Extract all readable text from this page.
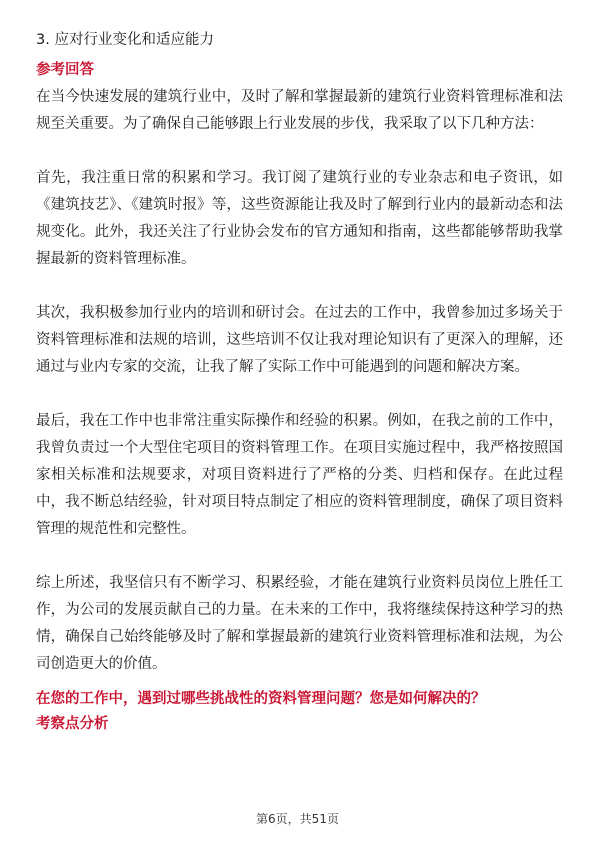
3. 应对行业变化和适应能力
参考回答

在当今快速发展的建筑行业中，及时了解和掌握最新的建筑行业资料管理标准和法规至关重要。为了确保自己能够跟上行业发展的步伐，我采取了以下几种方法：

首先，我注重日常的积累和学习。我订阅了建筑行业的专业杂志和电子资讯，如《建筑技艺》、《建筑时报》等，这些资源能让我及时了解到行业内的最新动态和法规变化。此外，我还关注了行业协会发布的官方通知和指南，这些都能够帮助我掌握最新的资料管理标准。

其次，我积极参加行业内的培训和研讨会。在过去的工作中，我曾参加过多场关于资料管理标准和法规的培训，这些培训不仅让我对理论知识有了更深入的理解，还通过与业内专家的交流，让我了解了实际工作中可能遇到的问题和解决方案。

最后，我在工作中也非常注重实际操作和经验的积累。例如，在我之前的工作中，我曾负责过一个大型住宅项目的资料管理工作。在项目实施过程中，我严格按照国家相关标准和法规要求，对项目资料进行了严格的分类、归档和保存。在此过程中，我不断总结经验，针对项目特点制定了相应的资料管理制度，确保了项目资料管理的规范性和完整性。

综上所述，我坚信只有不断学习、积累经验，才能在建筑行业资料员岗位上胜任工作，为公司的发展贡献自己的力量。在未来的工作中，我将继续保持这种学习的热情，确保自己始终能够及时了解和掌握最新的建筑行业资料管理标准和法规，为公司创造更大的价值。

在您的工作中，遇到过哪些挑战性的资料管理问题？您是如何解决的？
考察点分析
第6页，共51页
